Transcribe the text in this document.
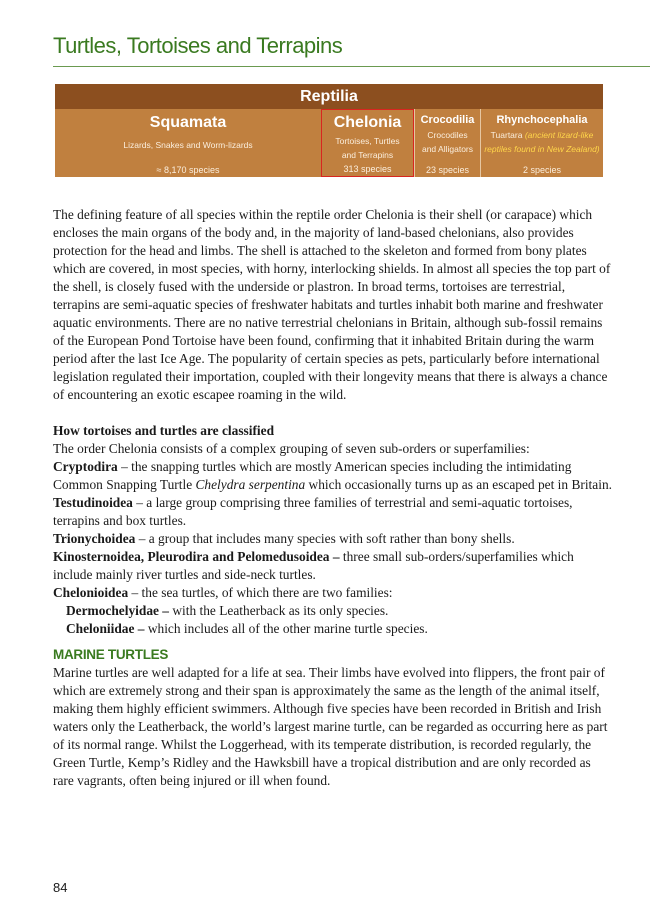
Turtles, Tortoises and Terrapins
Reptilia
Squamata
Lizards, Snakes and Worm-lizards
≈ 8,170 species
Chelonia
Tortoises, Turtles
and Terrapins
313 species
Crocodilia
Crocodiles
and Alligators
23 species
Rhynchocephalia
Tuartara (ancient lizard-like
reptiles found in New Zealand)
2 species

The defining feature of all species within the reptile order Chelonia is their shell (or carapace) which encloses the main organs of the body and, in the majority of land-based chelonians, also provides protection for the head and limbs. The shell is attached to the skeleton and formed from bony plates which are covered, in most species, with horny, interlocking shields. In almost all species the top part of the shell, is closely fused with the underside or plastron. In broad terms, tortoises are terrestrial, terrapins are semi-aquatic species of freshwater habitats and turtles inhabit both marine and freshwater aquatic environments. There are no native terrestrial chelonians in Britain, although sub-fossil remains of the European Pond Tortoise have been found, confirming that it inhabited Britain during the warm period after the last Ice Age. The popularity of certain species as pets, particularly before international legislation regulated their importation, coupled with their longevity means that there is always a chance of encountering an exotic escapee roaming in the wild.

How tortoises and turtles are classified

The order Chelonia consists of a complex grouping of seven sub-orders or superfamilies:

Cryptodira – the snapping turtles which are mostly American species including the intimidating Common Snapping Turtle Chelydra serpentina which occasionally turns up as an escaped pet in Britain.

Testudinoidea – a large group comprising three families of terrestrial and semi-aquatic tortoises, terrapins and box turtles.

Trionychoidea – a group that includes many species with soft rather than bony shells.

Kinosternoidea, Pleurodira and Pelomedusoidea – three small sub-orders/superfamilies which include mainly river turtles and side-neck turtles.

Chelonioidea – the sea turtles, of which there are two families:

Dermochelyidae – with the Leatherback as its only species.

Cheloniidae – which includes all of the other marine turtle species.

MARINE TURTLES

Marine turtles are well adapted for a life at sea. Their limbs have evolved into flippers, the front pair of which are extremely strong and their span is approximately the same as the length of the animal itself, making them highly efficient swimmers. Although five species have been recorded in British and Irish waters only the Leatherback, the world’s largest marine turtle, can be regarded as occurring here as part of its normal range. Whilst the Loggerhead, with its temperate distribution, is recorded regularly, the Green Turtle, Kemp’s Ridley and the Hawksbill have a tropical distribution and are only recorded as rare vagrants, often being injured or ill when found.

84
